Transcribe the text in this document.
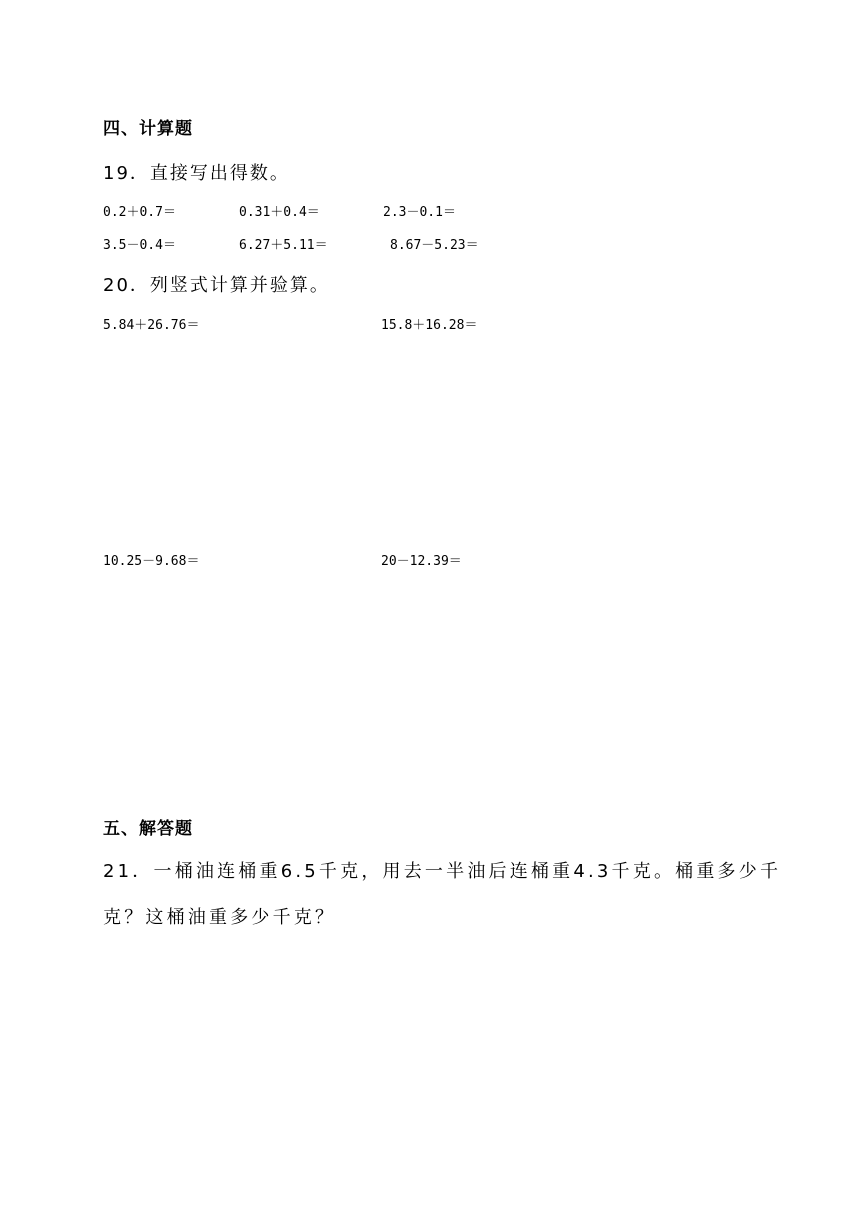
四、计算题
19．直接写出得数。
0.2＋0.7＝	0.31＋0.4＝	2.3－0.1＝
3.5－0.4＝	6.27＋5.11＝	8.67－5.23＝
20．列竖式计算并验算。
5.84＋26.76＝	15.8＋16.28＝
10.25－9.68＝	20－12.39＝
五、解答题
21．一桶油连桶重6.5千克，用去一半油后连桶重4.3千克。桶重多少千
克？这桶油重多少千克？
